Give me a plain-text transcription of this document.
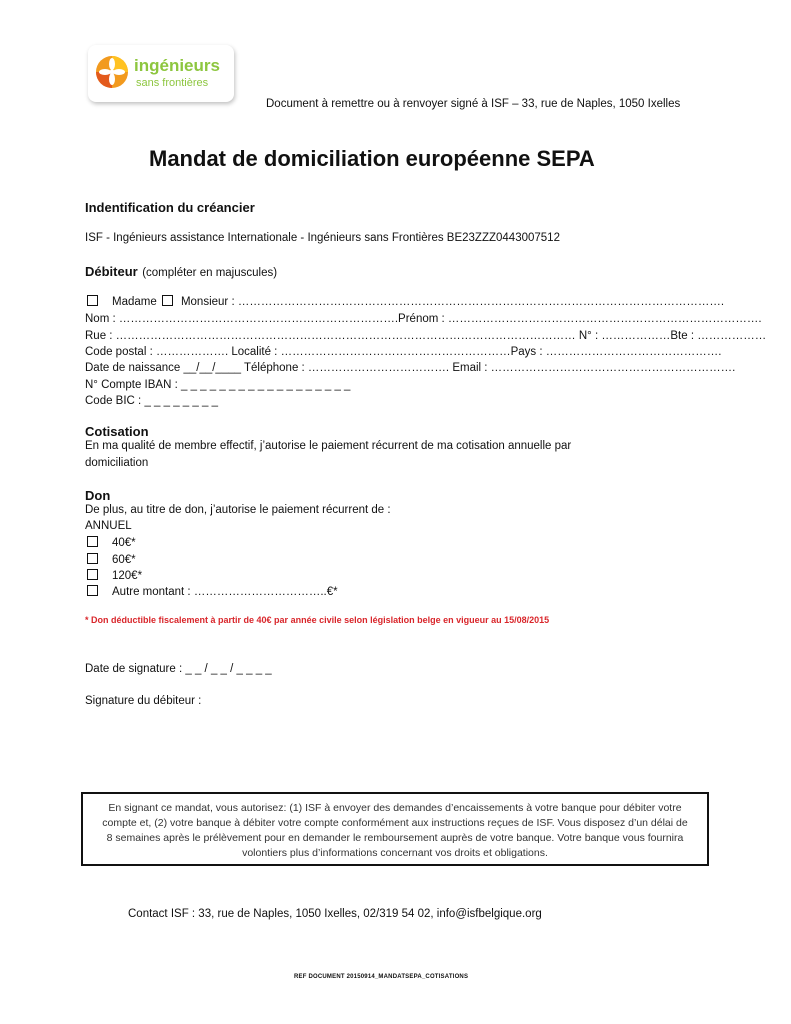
ingénieurs
sans frontières
Document à remettre ou à renvoyer signé à ISF – 33, rue de Naples, 1050 Ixelles
Mandat de domiciliation européenne SEPA
Indentification du créancier
ISF - Ingénieurs assistance Internationale - Ingénieurs sans Frontières BE23ZZZ0443007512
Débiteur (compléter en majuscules)
Madame Monsieur : ……………………………………………………………………………………………………………….
Nom : ……………………………………………………………….Prénom : ……………………………………………………………………….
Rue : ………………………………………………………………………………………………………… N° : ………………Bte : ………………
Code postal : ………………. Localité : ……………………………………………………Pays : ……………………………………….
Date de naissance __/__/____ Téléphone : ………………………………. Email : ……………………………………………………….
N° Compte IBAN : _ _ _ _ _ _ _ _ _ _ _ _ _ _ _ _ _ _
Code BIC : _ _ _ _ _ _ _ _
Cotisation
En ma qualité de membre effectif, j’autorise le paiement récurrent de ma cotisation annuelle par
domiciliation
Don
De plus, au titre de don, j’autorise le paiement récurrent de :
ANNUEL
40€*
60€*
120€*
Autre montant : ……………………………..€*
* Don déductible fiscalement à partir de 40€ par année civile selon législation belge en vigueur au 15/08/2015
Date de signature : _ _ / _ _ / _ _ _ _
Signature du débiteur :
En signant ce mandat, vous autorisez: (1) ISF à envoyer des demandes d’encaissements à votre banque pour débiter votre compte et, (2) votre banque à débiter votre compte conformément aux instructions reçues de ISF. Vous disposez d’un délai de 8 semaines après le prélèvement pour en demander le remboursement auprès de votre banque. Votre banque vous fournira volontiers plus d’informations concernant vos droits et obligations.
Contact ISF : 33, rue de Naples, 1050 Ixelles, 02/319 54 02, info@isfbelgique.org
REF DOCUMENT 20150914_MANDATSEPA_COTISATIONS
